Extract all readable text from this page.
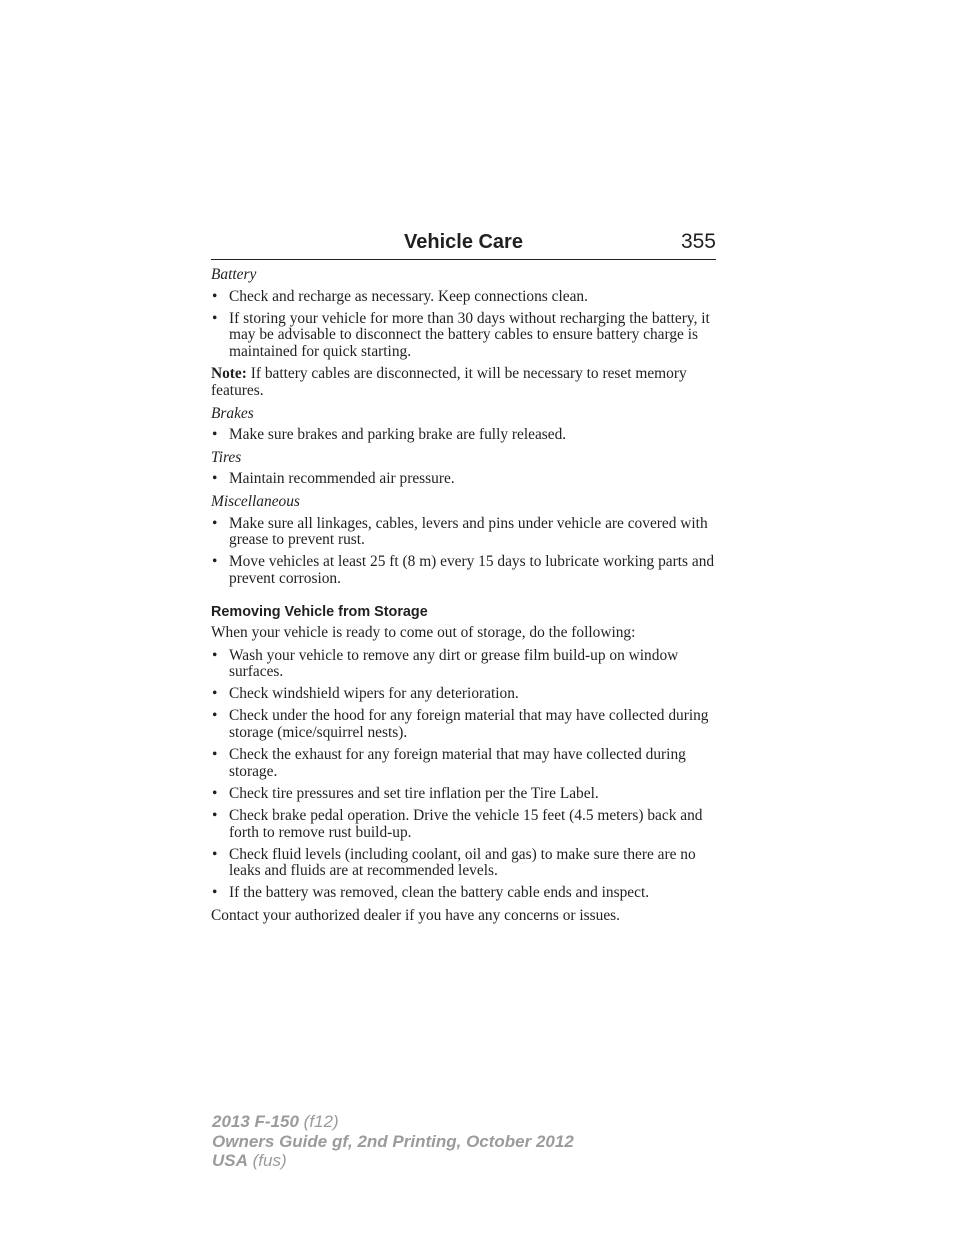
Vehicle Care	355
Battery
• Check and recharge as necessary. Keep connections clean.
• If storing your vehicle for more than 30 days without recharging the battery, it may be advisable to disconnect the battery cables to ensure battery charge is maintained for quick starting.

Note: If battery cables are disconnected, it will be necessary to reset memory features.

Brakes
• Make sure brakes and parking brake are fully released.
Tires
• Maintain recommended air pressure.
Miscellaneous
• Make sure all linkages, cables, levers and pins under vehicle are covered with grease to prevent rust.
• Move vehicles at least 25 ft (8 m) every 15 days to lubricate working parts and prevent corrosion.
Removing Vehicle from Storage

When your vehicle is ready to come out of storage, do the following:

• Wash your vehicle to remove any dirt or grease film build-up on window surfaces.
• Check windshield wipers for any deterioration.
• Check under the hood for any foreign material that may have collected during storage (mice/squirrel nests).
• Check the exhaust for any foreign material that may have collected during storage.
• Check tire pressures and set tire inflation per the Tire Label.
• Check brake pedal operation. Drive the vehicle 15 feet (4.5 meters) back and forth to remove rust build-up.
• Check fluid levels (including coolant, oil and gas) to make sure there are no leaks and fluids are at recommended levels.
• If the battery was removed, clean the battery cable ends and inspect.

Contact your authorized dealer if you have any concerns or issues.

2013 F-150 (f12)
Owners Guide gf, 2nd Printing, October 2012
USA (fus)
